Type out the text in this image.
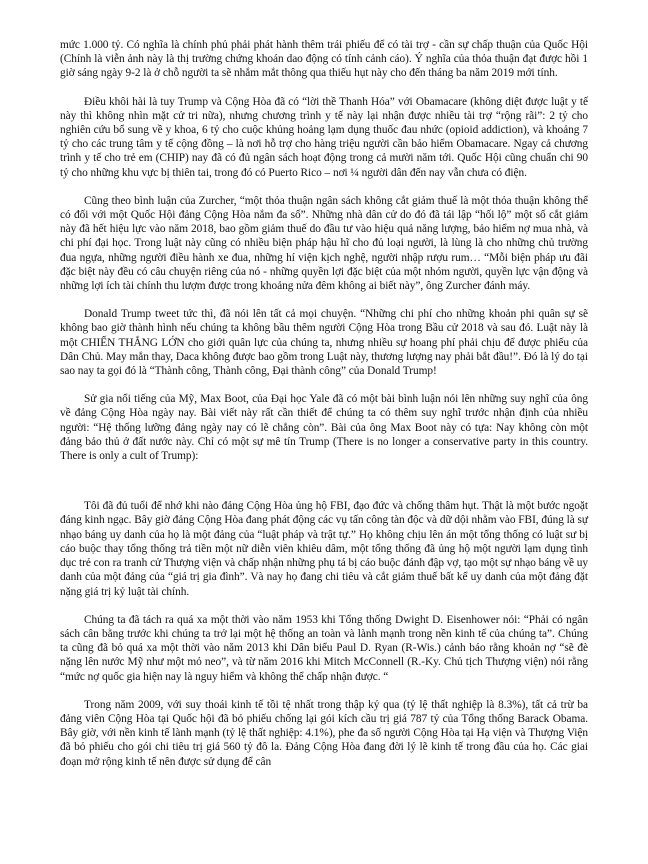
mức 1.000 tỷ. Có nghĩa là chính phủ phải phát hành thêm trái phiếu để có tài trợ - cần sự chấp thuận của Quốc Hội (Chính là viễn ảnh này là thị trường chứng khoán dao động có tính cảnh cáo). Ý nghĩa của thỏa thuận đạt được hồi 1 giờ sáng ngày 9-2 là ở chỗ người ta sẽ nhắm mắt thông qua thiếu hụt này cho đến tháng ba năm 2019 mới tính.

Điều khôi hài là tuy Trump và Cộng Hòa đã có “lời thề Thanh Hóa” với Obamacare (không diệt được luật y tế này thì không nhìn mặt cử tri nữa), nhưng chương trình y tế này lại nhận được nhiều tài trợ “rộng rãi”: 2 tỷ cho nghiên cứu bổ sung về y khoa, 6 tỷ cho cuộc khủng hoảng lạm dụng thuốc đau nhức (opioid addiction), và khoảng 7 tỷ cho các trung tâm y tế cộng đồng – là nơi hỗ trợ cho hàng triệu người cần bảo hiểm Obamacare. Ngay cả chương trình y tế cho trẻ em (CHIP) nay đã có đủ ngân sách hoạt động trong cả mười năm tới. Quốc Hội cũng chuẩn chi 90 tỷ cho những khu vực bị thiên tai, trong đó có Puerto Rico – nơi ¼ người dân đến nay vẫn chưa có điện.

Cũng theo bình luận của Zurcher, “một thỏa thuận ngân sách không cắt giảm thuế là một thỏa thuận không thể có đối với một Quốc Hội đảng Cộng Hòa nắm đa số”. Những nhà dân cử do đó đã tái lập “hối lộ” một số cắt giảm này đã hết hiệu lực vào năm 2018, bao gồm giảm thuế do đầu tư vào hiệu quả năng lượng, bảo hiểm nợ mua nhà, và chi phí đại học. Trong luật này cũng có nhiều biện pháp hậu hĩ cho đủ loại người, là lùng là cho những chủ trường đua ngựa, những người điều hành xe đua, những hí viện kịch nghệ, người nhập rượu rum… “Mỗi biện pháp ưu đãi đặc biệt này đều có câu chuyện riêng của nó - những quyền lợi đặc biệt của một nhóm người, quyền lực vận động và những lợi ích tài chính thu lượm được trong khoảng nửa đêm không ai biết này”, ông Zurcher đánh máy.

Donald Trump tweet tức thì, đã nói lên tất cả mọi chuyện. “Những chi phí cho những khoản phi quân sự sẽ không bao giờ thành hình nếu chúng ta không bầu thêm người Cộng Hòa trong Bầu cử 2018 và sau đó. Luật này là một CHIẾN THẮNG LỚN cho giới quân lực của chúng ta, nhưng nhiều sự hoang phí phải chịu để được phiếu của Dân Chủ. May mắn thay, Daca không được bao gồm trong Luật này, thương lượng nay phải bắt đầu!”. Đó là lý do tại sao nay ta gọi đó là “Thành công, Thành công, Đại thành công” của Donald Trump!

Sử gia nổi tiếng của Mỹ, Max Boot, của Đại học Yale đã có một bài bình luận nói lên những suy nghĩ của ông về đảng Cộng Hòa ngày nay. Bài viết này rất cần thiết để chúng ta có thêm suy nghĩ trước nhận định của nhiều người: “Hệ thống lưỡng đảng ngày nay có lẽ chẳng còn”. Bài của ông Max Boot này có tựa: Nay không còn một đảng bảo thủ ở đất nước này. Chỉ có một sự mê tín Trump (There is no longer a conservative party in this country. There is only a cult of Trump):

Tôi đã đủ tuổi để nhớ khi nào đảng Cộng Hòa ủng hộ FBI, đạo đức và chống thâm hụt. Thật là một bước ngoặt đáng kinh ngạc. Bây giờ đảng Cộng Hòa đang phát động các vụ tấn công tàn độc và dữ dội nhằm vào FBI, đúng là sự nhạo báng uy danh của họ là một đảng của “luật pháp và trật tự.” Họ không chịu lên án một tổng thống có luật sư bị cáo buộc thay tổng thống trả tiền một nữ diễn viên khiêu dâm, một tổng thống đã ủng hộ một người lạm dụng tình dục trẻ con ra tranh cử Thượng viện và chấp nhận những phụ tá bị cáo buộc đánh đập vợ, tạo một sự nhạo báng về uy danh của một đảng của “giá trị gia đình”. Và nay họ đang chi tiêu và cắt giảm thuế bất kể uy danh của một đảng đặt nặng giá trị kỷ luật tài chính.

Chúng ta đã tách ra quá xa một thời vào năm 1953 khi Tổng thống Dwight D. Eisenhower nói: “Phải có ngân sách cân bằng trước khi chúng ta trở lại một hệ thống an toàn và lành mạnh trong nền kinh tế của chúng ta”. Chúng ta cũng đã bỏ quá xa một thời vào năm 2013 khi Dân biểu Paul D. Ryan (R-Wis.) cảnh báo rằng khoản nợ “sẽ đè nặng lên nước Mỹ như một mỏ neo”, và từ năm 2016 khi Mitch McConnell (R.-Ky. Chủ tịch Thượng viện) nói rằng “mức nợ quốc gia hiện nay là nguy hiểm và không thể chấp nhận được. “

Trong năm 2009, với suy thoái kinh tế tồi tệ nhất trong thập kỷ qua (tỷ lệ thất nghiệp là 8.3%), tất cả trừ ba đảng viên Cộng Hòa tại Quốc hội đã bỏ phiếu chống lại gói kích cầu trị giá 787 tỷ của Tổng thống Barack Obama. Bây giờ, với nền kinh tế lành mạnh (tỷ lệ thất nghiệp: 4.1%), phe đa số người Cộng Hòa tại Hạ viện và Thượng Viện đã bỏ phiếu cho gói chi tiêu trị giá 560 tỷ đô la. Đảng Cộng Hòa đang đời lý lẽ kinh tế trong đầu của họ. Các giai đoạn mở rộng kinh tế nên được sử dụng để cân
